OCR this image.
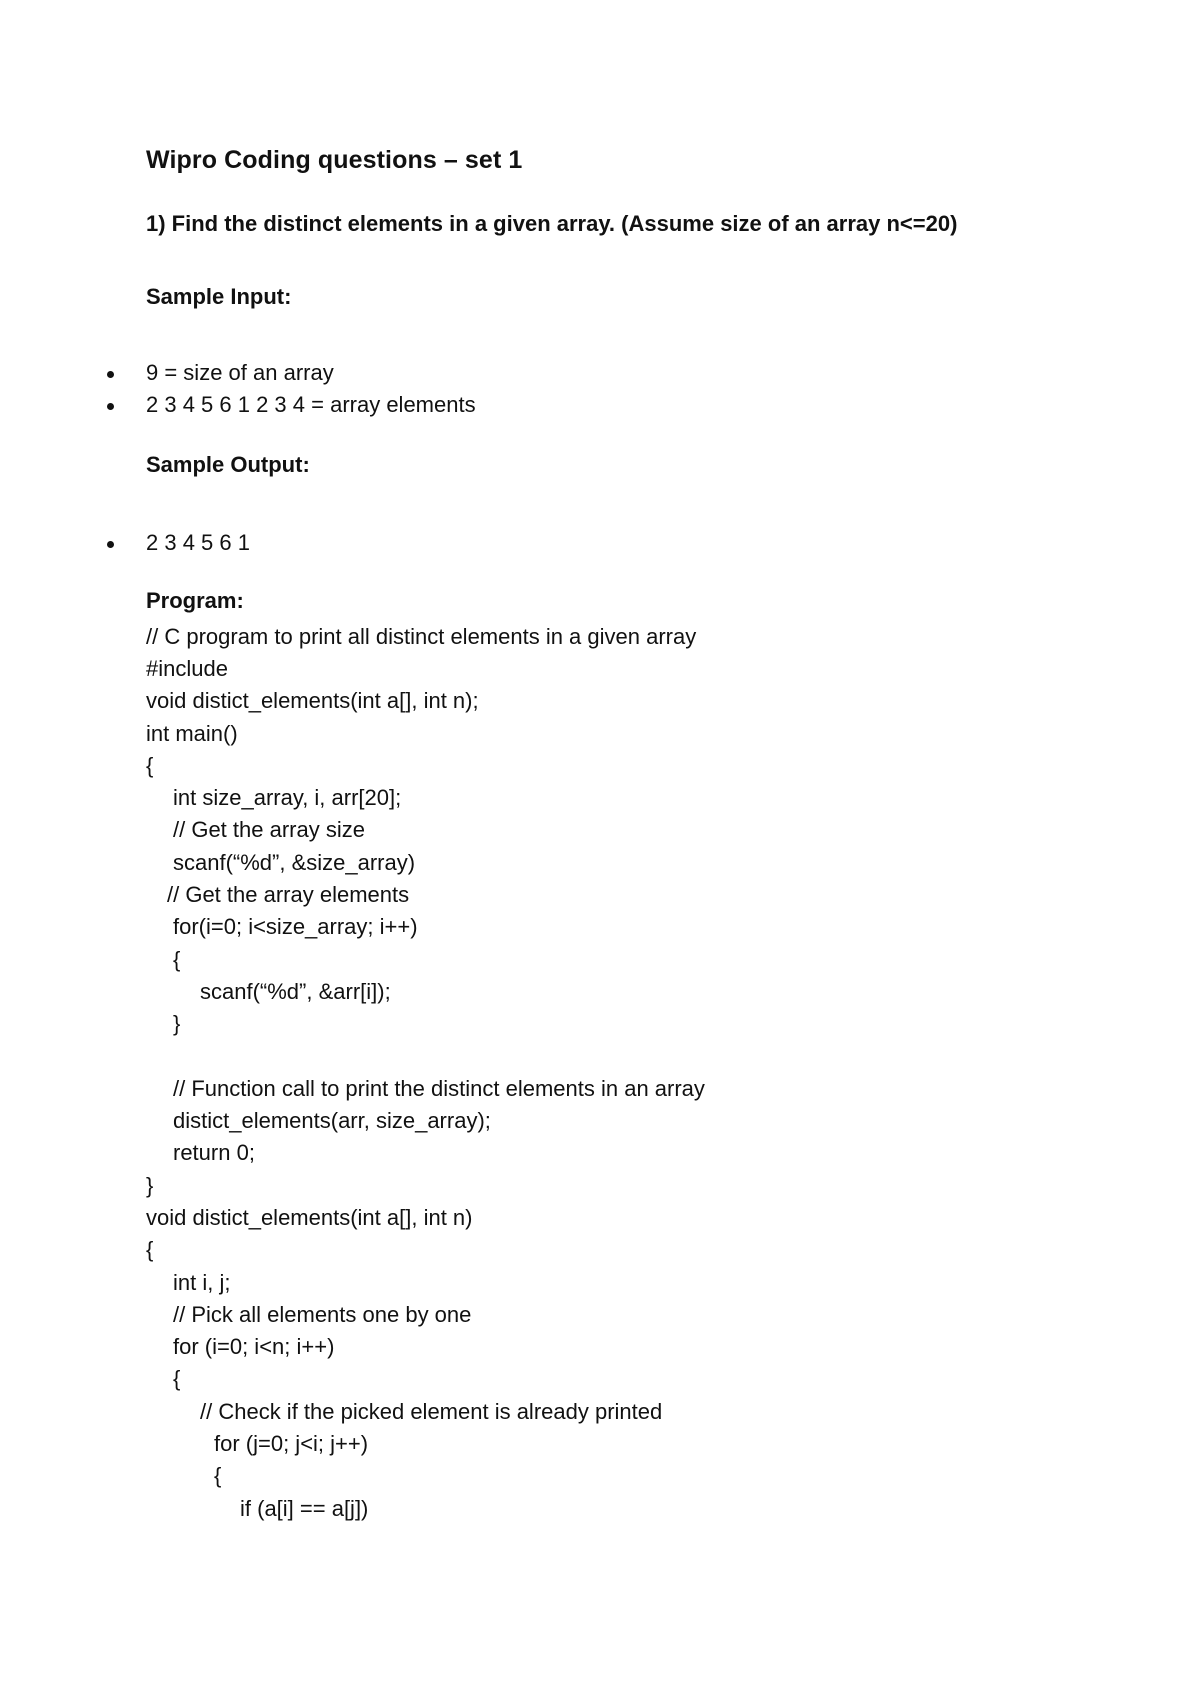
Wipro Coding questions – set 1
1) Find the distinct elements in a given array. (Assume size of an array n<=20)
Sample Input:
9 = size of an array
2 3 4 5 6 1 2 3 4 = array elements
Sample Output:
2 3 4 5 6 1
Program:
// C program to print all distinct elements in a given array
#include
void distict_elements(int a[], int n);
int main()
{
int size_array, i, arr[20];
// Get the array size
scanf(“%d”, &size_array)
// Get the array elements
for(i=0; i<size_array; i++)
{
scanf(“%d”, &arr[i]);
}
// Function call to print the distinct elements in an array
distict_elements(arr, size_array);
return 0;
}
void distict_elements(int a[], int n)
{
int i, j;
// Pick all elements one by one
for (i=0; i<n; i++)
{
// Check if the picked element is already printed
for (j=0; j<i; j++)
{
if (a[i] == a[j])
